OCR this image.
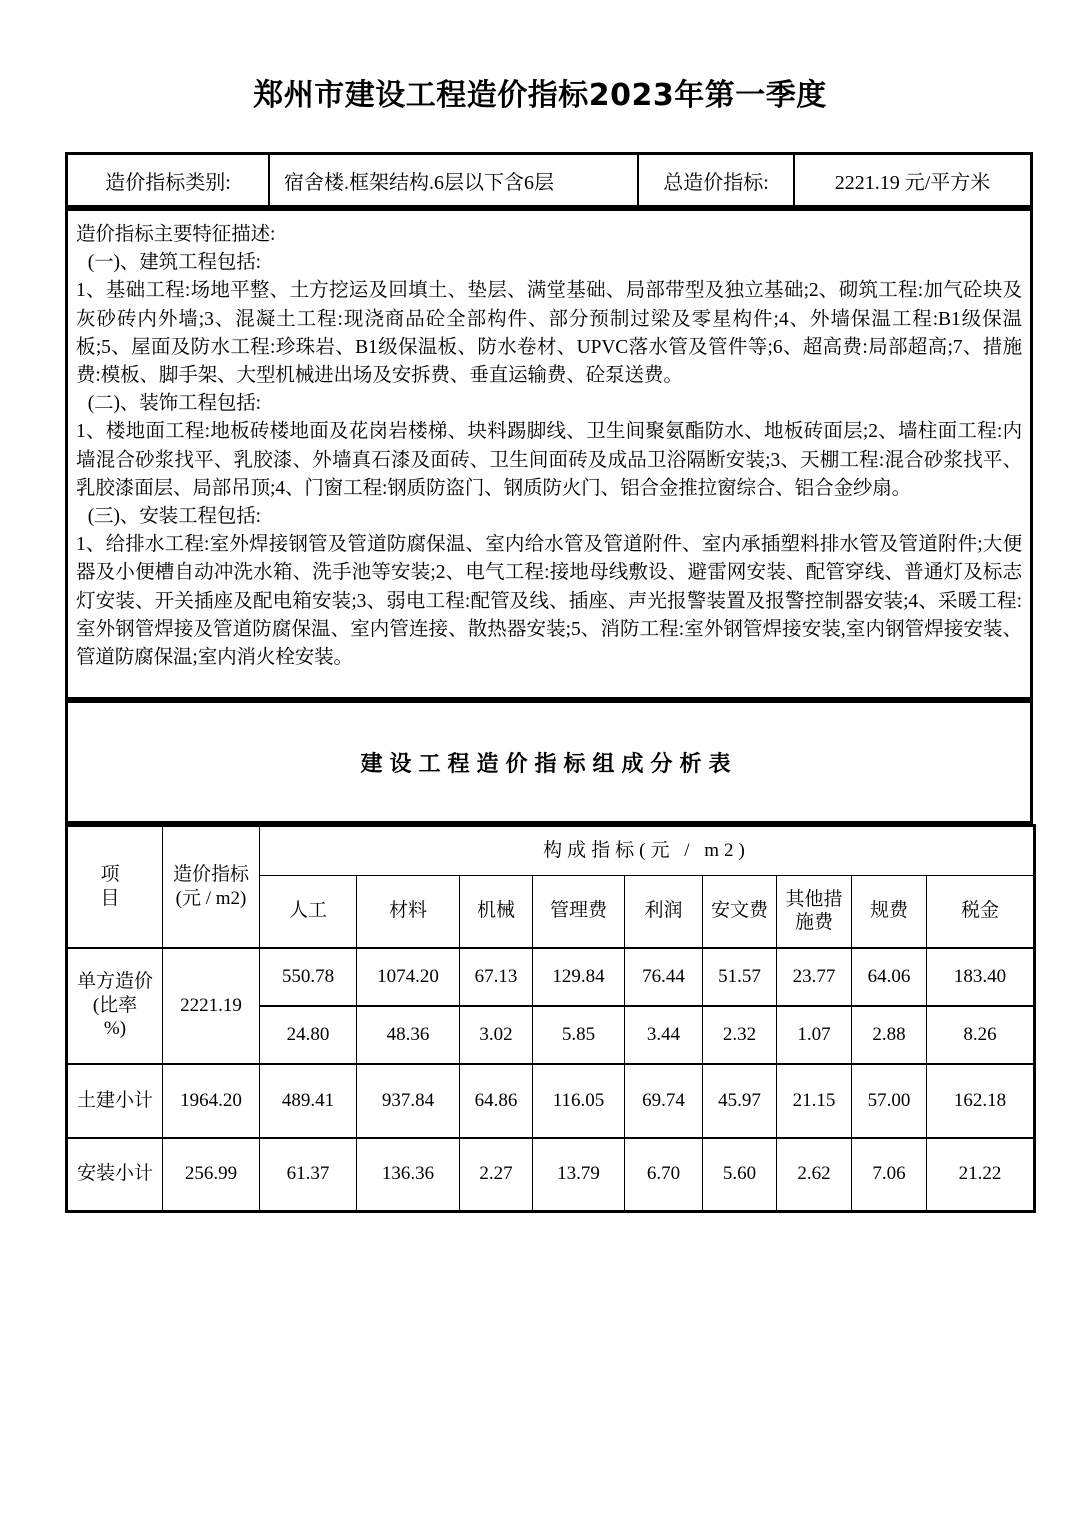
郑州市建设工程造价指标2023年第一季度
造价指标类别:	宿舍楼.框架结构.6层以下含6层	总造价指标:	2221.19 元/平方米

造价指标主要特征描述:

(一)、建筑工程包括:

1、基础工程:场地平整、土方挖运及回填土、垫层、满堂基础、局部带型及独立基础;2、砌筑工程:加气砼块及灰砂砖内外墙;3、混凝土工程:现浇商品砼全部构件、部分预制过梁及零星构件;4、外墙保温工程:B1级保温板;5、屋面及防水工程:珍珠岩、B1级保温板、防水卷材、UPVC落水管及管件等;6、超高费:局部超高;7、措施费:模板、脚手架、大型机械进出场及安拆费、垂直运输费、砼泵送费。

(二)、装饰工程包括:

1、楼地面工程:地板砖楼地面及花岗岩楼梯、块料踢脚线、卫生间聚氨酯防水、地板砖面层;2、墙柱面工程:内墙混合砂浆找平、乳胶漆、外墙真石漆及面砖、卫生间面砖及成品卫浴隔断安装;3、天棚工程:混合砂浆找平、乳胶漆面层、局部吊顶;4、门窗工程:钢质防盗门、钢质防火门、铝合金推拉窗综合、铝合金纱扇。

(三)、安装工程包括:

1、给排水工程:室外焊接钢管及管道防腐保温、室内给水管及管道附件、室内承插塑料排水管及管道附件;大便器及小便槽自动冲洗水箱、洗手池等安装;2、电气工程:接地母线敷设、避雷网安装、配管穿线、普通灯及标志灯安装、开关插座及配电箱安装;3、弱电工程:配管及线、插座、声光报警装置及报警控制器安装;4、采暖工程:室外钢管焊接及管道防腐保温、室内管连接、散热器安装;5、消防工程:室外钢管焊接安装,室内钢管焊接安装、管道防腐保温;室内消火栓安装。

建设工程造价指标组成分析表
项　　目	造价指标
(元 / m2)	构成指标(元 / m2)								
		人工	材料	机械	管理费	利润	安文费	其他措
施费	规费	税金

单方造价
(比率
%)	2221.19	550.78	1074.20	67.13	129.84	76.44	51.57	23.77	64.06	183.40
		24.80	48.36	3.02	5.85	3.44	2.32	1.07	2.88	8.26
土建小计	1964.20	489.41	937.84	64.86	116.05	69.74	45.97	21.15	57.00	162.18
安装小计	256.99	61.37	136.36	2.27	13.79	6.70	5.60	2.62	7.06	21.22
